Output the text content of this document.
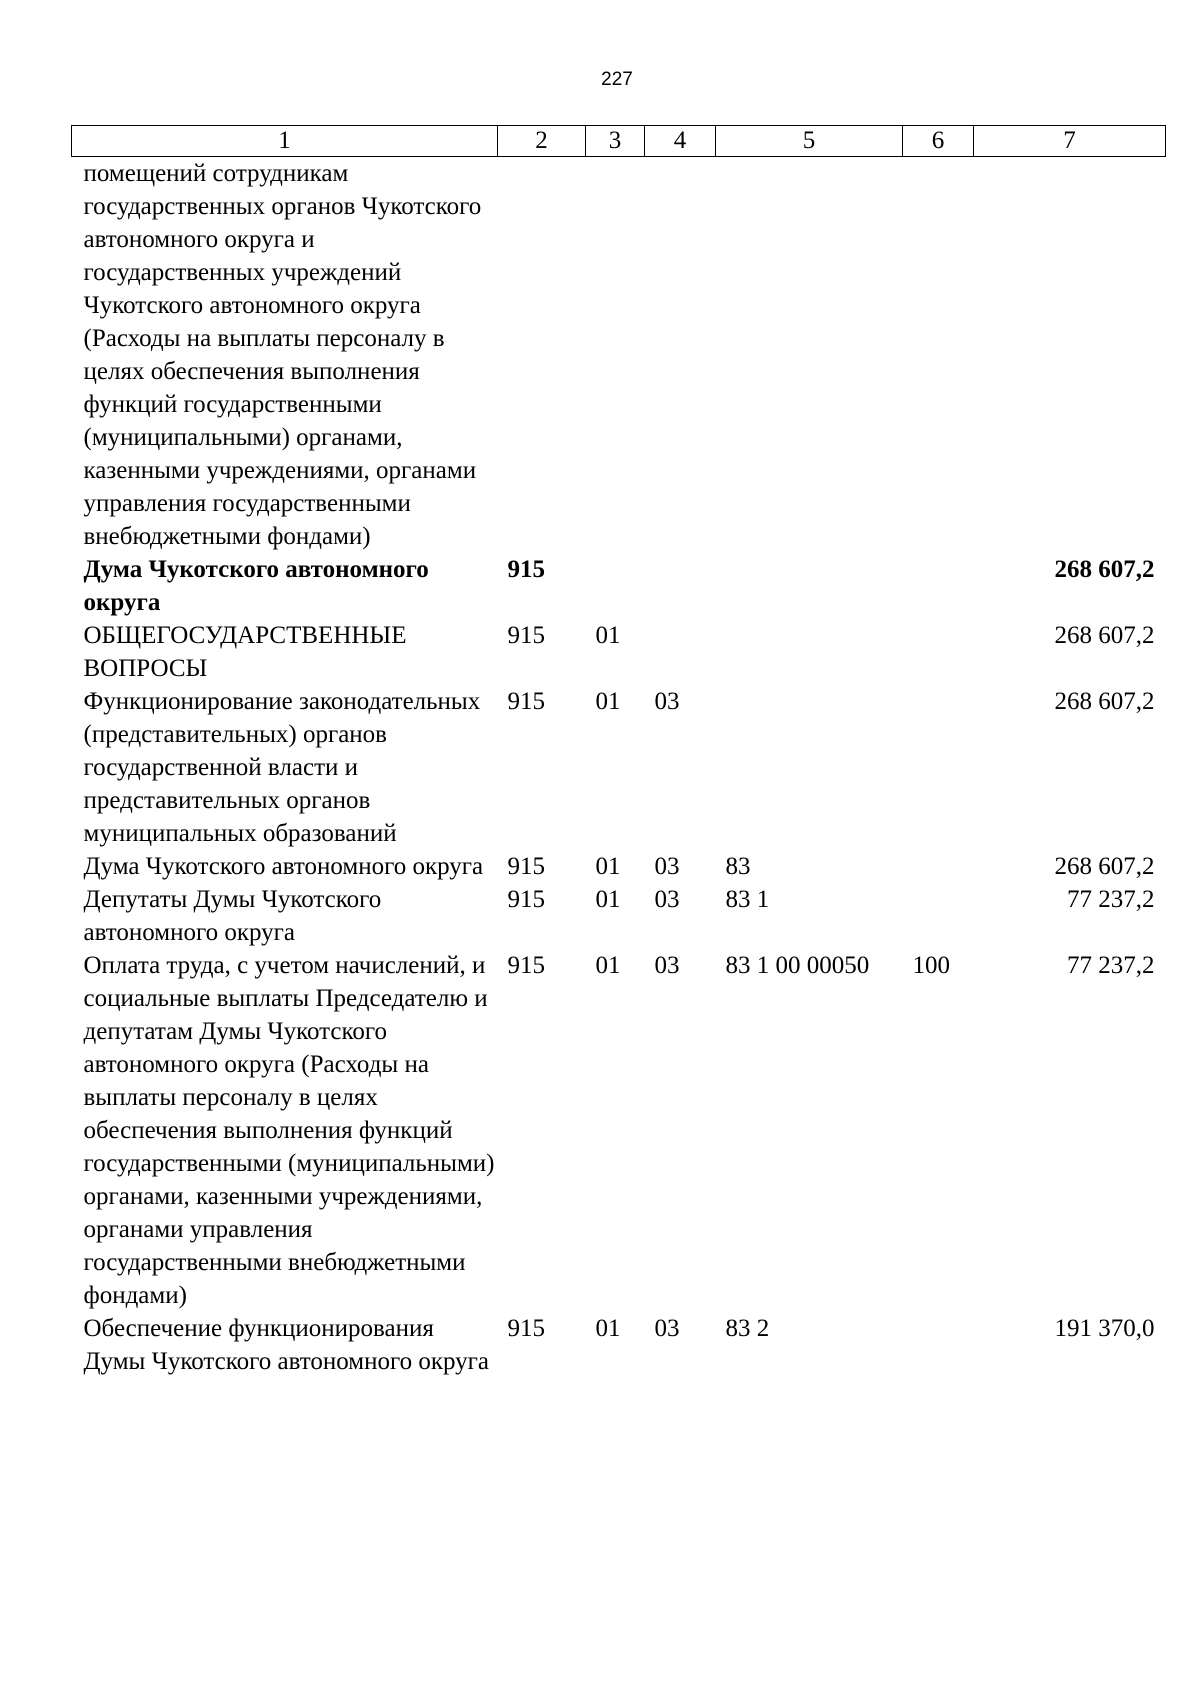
227
1	2	3	4	5	6	7
помещений сотрудникам государственных органов Чукотского автономного округа и государственных учреждений Чукотского автономного округа (Расходы на выплаты персоналу в целях обеспечения выполнения функций государственными (муниципальными) органами, казенными учреждениями, органами управления государственными внебюджетными фондами)						
Дума Чукотского автономного округа	915					268 607,2
ОБЩЕГОСУДАРСТВЕННЫЕ ВОПРОСЫ	915	01				268 607,2
Функционирование законодательных (представительных) органов государственной власти и представительных органов муниципальных образований	915	01	03			268 607,2
Дума Чукотского автономного округа	915	01	03	83		268 607,2
Депутаты Думы Чукотского автономного округа	915	01	03	83 1		77 237,2
Оплата труда, с учетом начислений, и социальные выплаты Председателю и депутатам Думы Чукотского автономного округа (Расходы на выплаты персоналу в целях обеспечения выполнения функций государственными (муниципальными) органами, казенными учреждениями, органами управления государственными внебюджетными фондами)	915	01	03	83 1 00 00050	100	77 237,2
Обеспечение функционирования Думы Чукотского автономного округа	915	01	03	83 2		191 370,0
